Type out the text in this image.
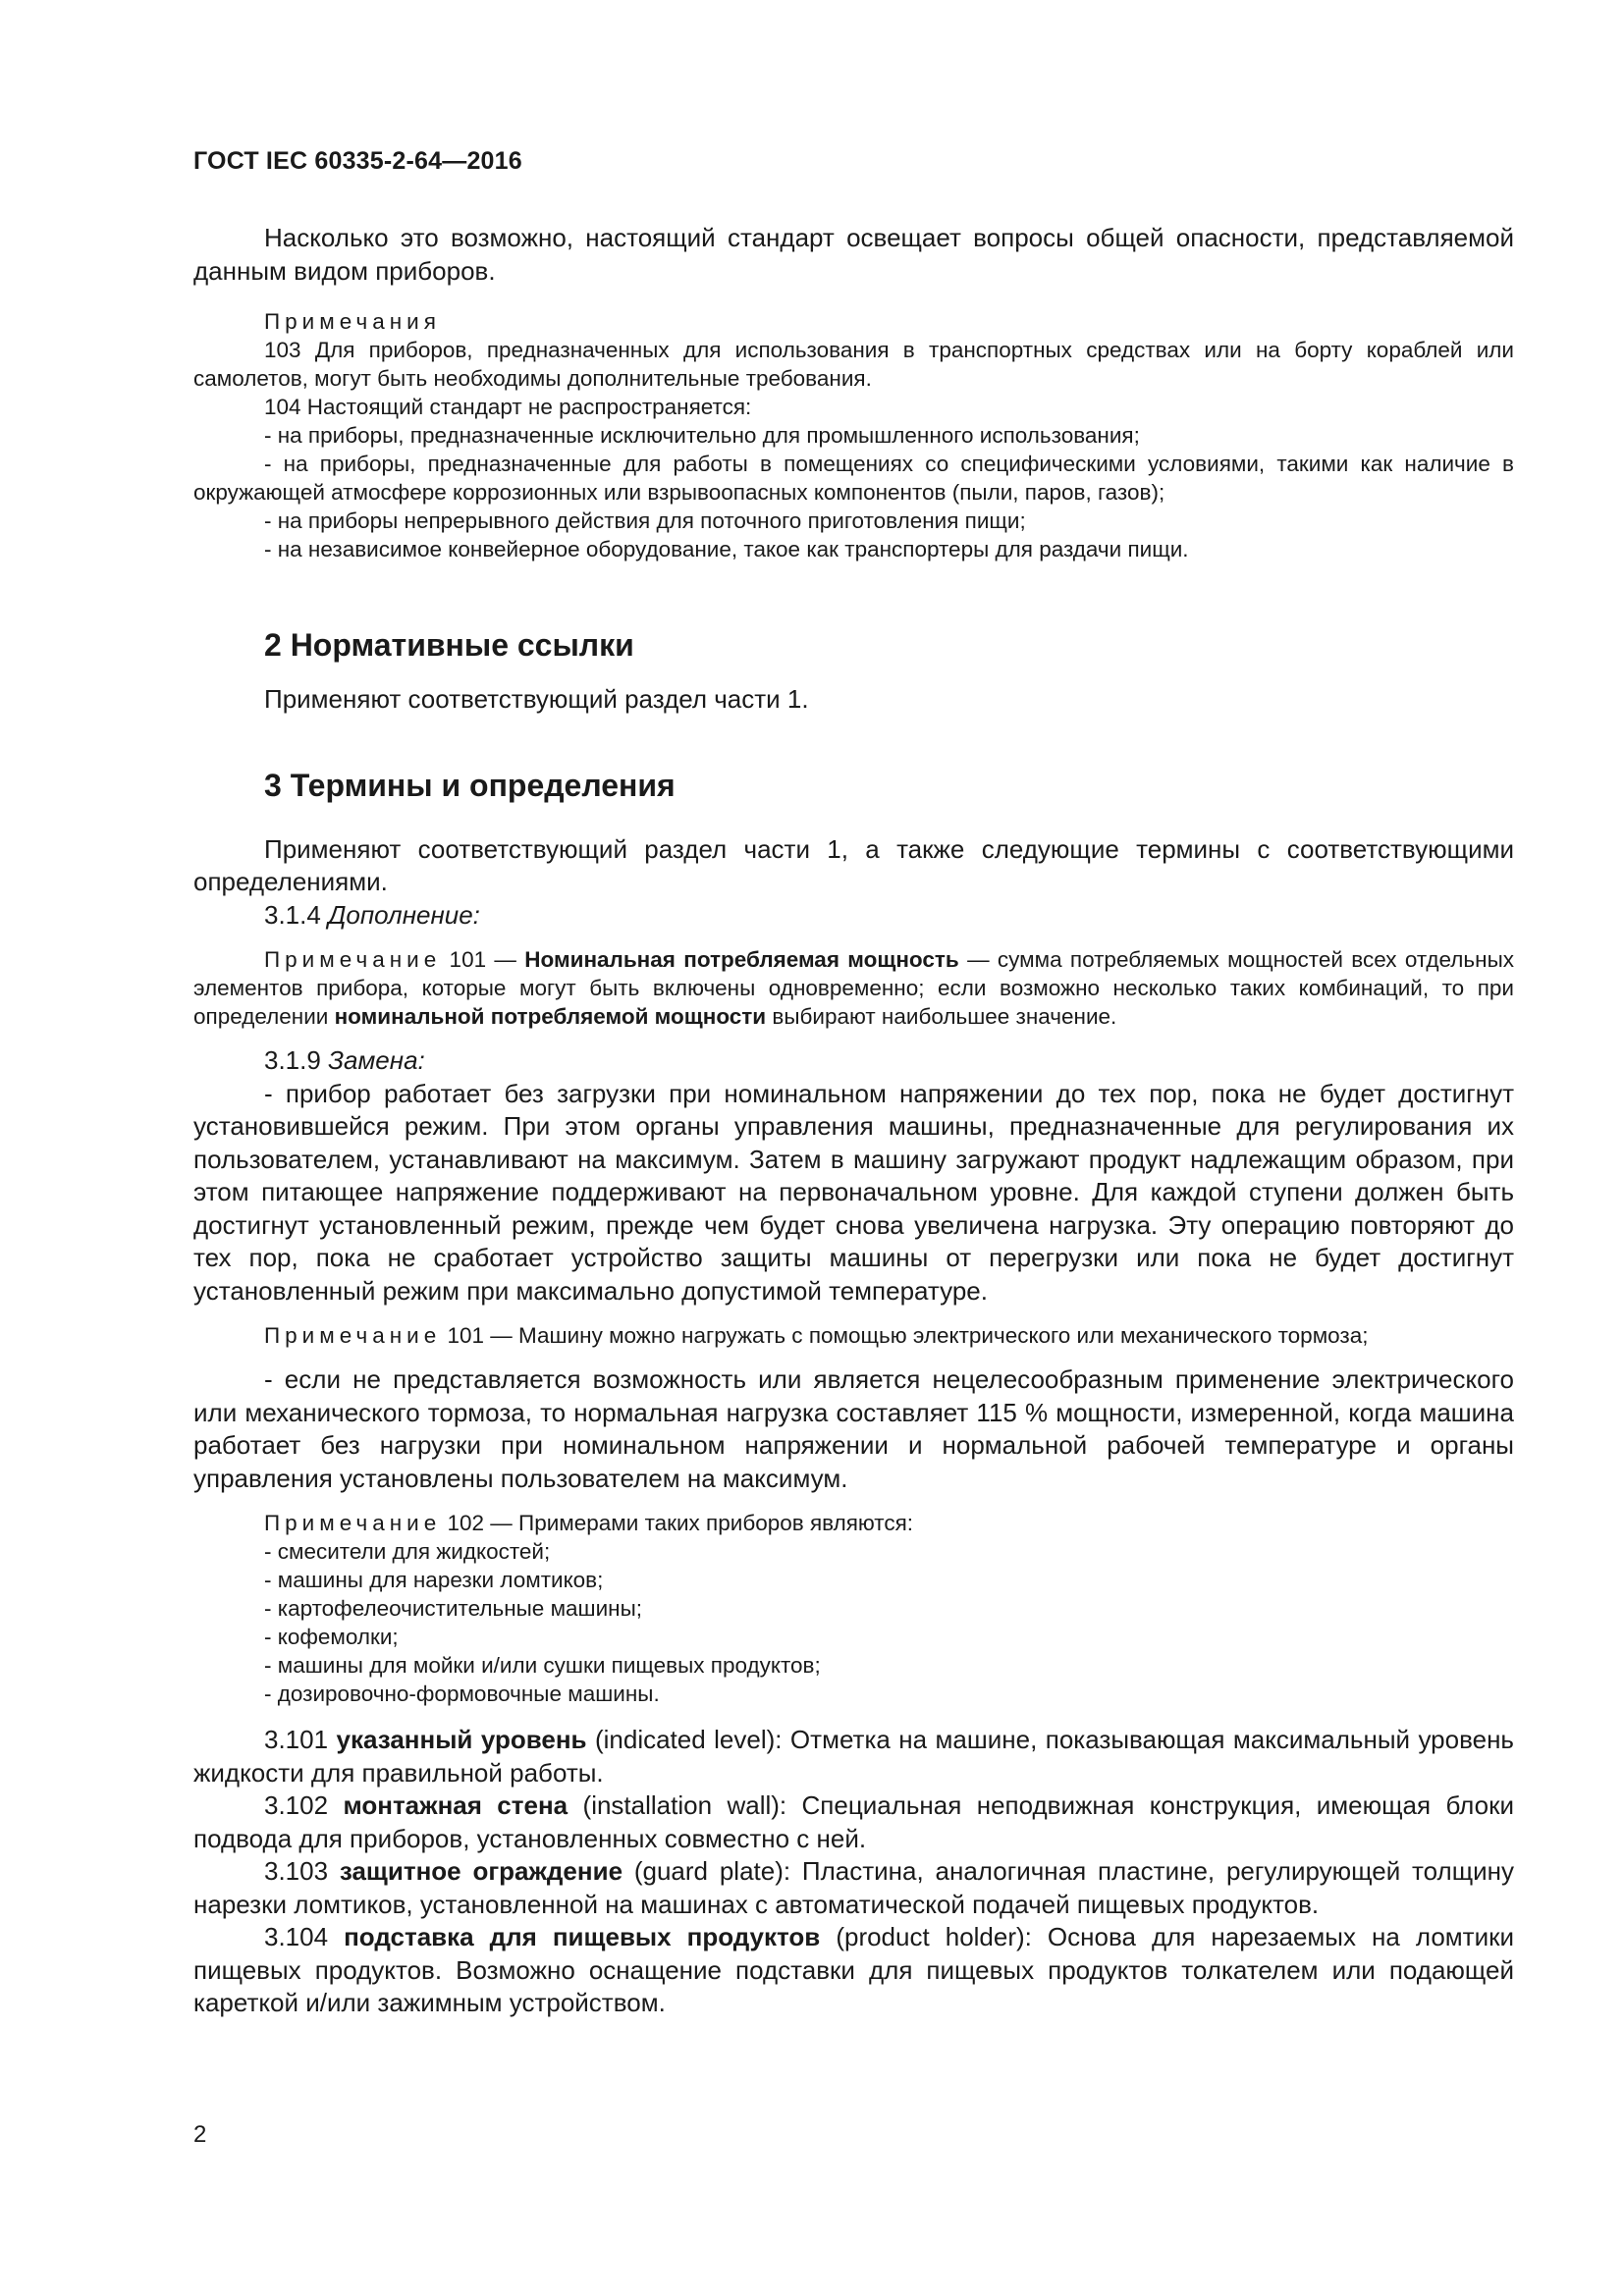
ГОСТ IEC 60335-2-64—2016

Насколько это возможно, настоящий стандарт освещает вопросы общей опасности, представляемой данным видом приборов.

Примечания

103 Для приборов, предназначенных для использования в транспортных средствах или на борту кораблей или самолетов, могут быть необходимы дополнительные требования.

104 Настоящий стандарт не распространяется:

- на приборы, предназначенные исключительно для промышленного использования;

- на приборы, предназначенные для работы в помещениях со специфическими условиями, такими как наличие в окружающей атмосфере коррозионных или взрывоопасных компонентов (пыли, паров, газов);

- на приборы непрерывного действия для поточного приготовления пищи;

- на независимое конвейерное оборудование, такое как транспортеры для раздачи пищи.

2 Нормативные ссылки

Применяют соответствующий раздел части 1.

3 Термины и определения

Применяют соответствующий раздел части 1, а также следующие термины с соответствующими определениями.

3.1.4 Дополнение:

Примечание 101 — Номинальная потребляемая мощность — сумма потребляемых мощностей всех отдельных элементов прибора, которые могут быть включены одновременно; если возможно несколько таких комбинаций, то при определении номинальной потребляемой мощности выбирают наибольшее значение.

3.1.9 Замена:

- прибор работает без загрузки при номинальном напряжении до тех пор, пока не будет достигнут установившейся режим. При этом органы управления машины, предназначенные для регулирования их пользователем, устанавливают на максимум. Затем в машину загружают продукт надлежащим образом, при этом питающее напряжение поддерживают на первоначальном уровне. Для каждой ступени должен быть достигнут установленный режим, прежде чем будет снова увеличена нагрузка. Эту операцию повторяют до тех пор, пока не сработает устройство защиты машины от перегрузки или пока не будет достигнут установленный режим при максимально допустимой температуре.

Примечание 101 — Машину можно нагружать с помощью электрического или механического тормоза;

- если не представляется возможность или является нецелесообразным применение электрического или механического тормоза, то нормальная нагрузка составляет 115 % мощности, измеренной, когда машина работает без нагрузки при номинальном напряжении и нормальной рабочей температуре и органы управления установлены пользователем на максимум.

Примечание 102 — Примерами таких приборов являются:

- смесители для жидкостей;

- машины для нарезки ломтиков;

- картофелеочистительные машины;

- кофемолки;

- машины для мойки и/или сушки пищевых продуктов;

- дозировочно-формовочные машины.

3.101 указанный уровень (indicated level): Отметка на машине, показывающая максимальный уровень жидкости для правильной работы.

3.102 монтажная стена (installation wall): Специальная неподвижная конструкция, имеющая блоки подвода для приборов, установленных совместно с ней.

3.103 защитное ограждение (guard plate): Пластина, аналогичная пластине, регулирующей толщину нарезки ломтиков, установленной на машинах с автоматической подачей пищевых продуктов.

3.104 подставка для пищевых продуктов (product holder): Основа для нарезаемых на ломтики пищевых продуктов. Возможно оснащение подставки для пищевых продуктов толкателем или подающей кареткой и/или зажимным устройством.

2
